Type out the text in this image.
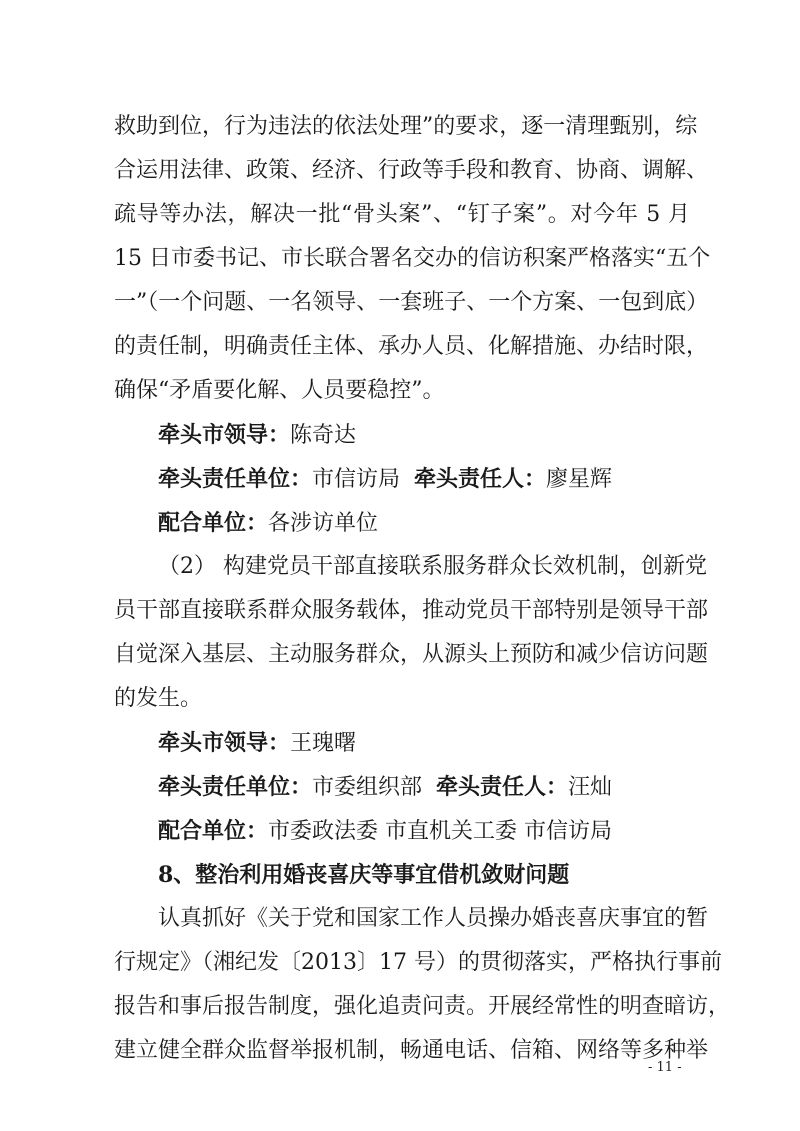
救助到位，行为违法的依法处理”的要求，逐一清理甄别，综
合运用法律、政策、经济、行政等手段和教育、协商、调解、
疏导等办法，解决一批“骨头案”、“钉子案”。对今年 5 月
15 日市委书记、市长联合署名交办的信访积案严格落实“五个
一”（一个问题、一名领导、一套班子、一个方案、一包到底）
的责任制，明确责任主体、承办人员、化解措施、办结时限，
确保“矛盾要化解、人员要稳控”。
牵头市领导：陈奇达
牵头责任单位：市信访局 牵头责任人：廖星辉
配合单位：各涉访单位
（2） 构建党员干部直接联系服务群众长效机制，创新党
员干部直接联系群众服务载体，推动党员干部特别是领导干部
自觉深入基层、主动服务群众，从源头上预防和减少信访问题
的发生。
牵头市领导：王瑰曙
牵头责任单位：市委组织部 牵头责任人：汪灿
配合单位：市委政法委 市直机关工委 市信访局
8、整治利用婚丧喜庆等事宜借机敛财问题
认真抓好《关于党和国家工作人员操办婚丧喜庆事宜的暂
行规定》（湘纪发〔2013〕17 号）的贯彻落实，严格执行事前
报告和事后报告制度，强化追责问责。开展经常性的明查暗访，
建立健全群众监督举报机制，畅通电话、信箱、网络等多种举
- 11 -
